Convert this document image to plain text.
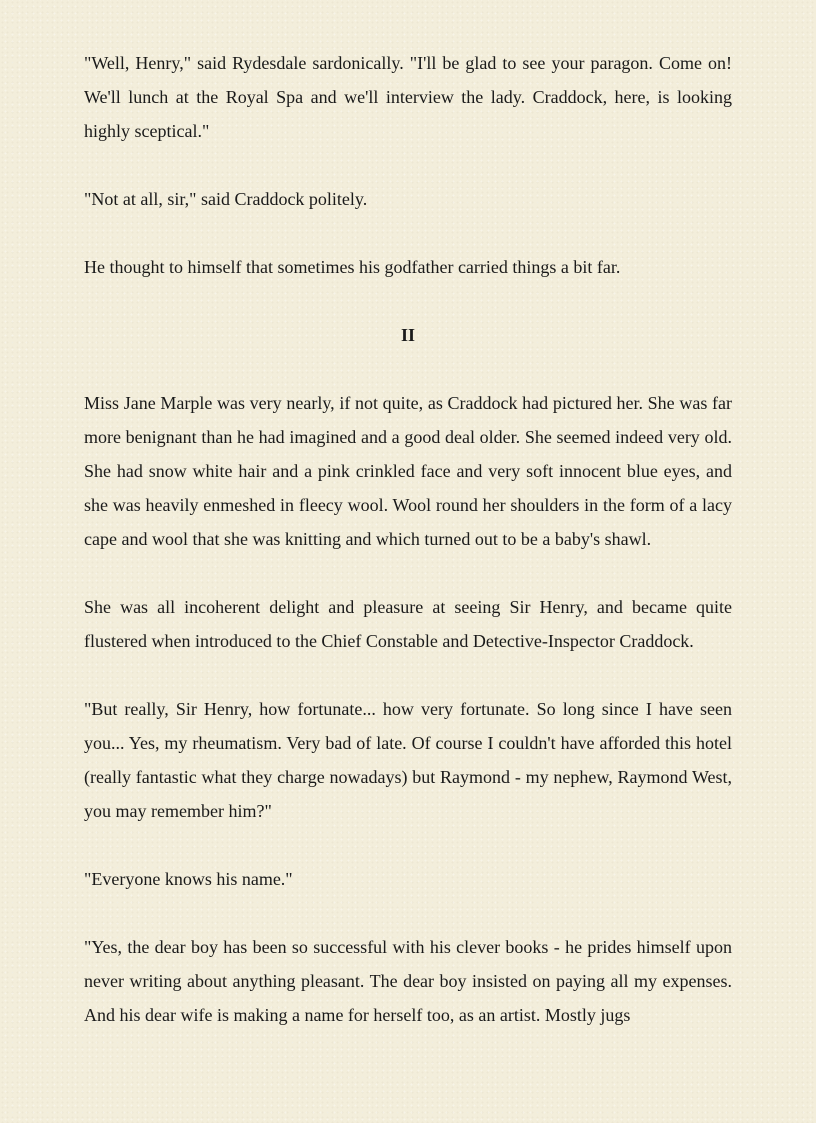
"Well, Henry," said Rydesdale sardonically. "I'll be glad to see your paragon. Come on! We'll lunch at the Royal Spa and we'll interview the lady. Craddock, here, is looking highly sceptical."

"Not at all, sir," said Craddock politely.

He thought to himself that sometimes his godfather carried things a bit far.

II

Miss Jane Marple was very nearly, if not quite, as Craddock had pictured her. She was far more benignant than he had imagined and a good deal older. She seemed indeed very old. She had snow white hair and a pink crinkled face and very soft innocent blue eyes, and she was heavily enmeshed in fleecy wool. Wool round her shoulders in the form of a lacy cape and wool that she was knitting and which turned out to be a baby's shawl.

She was all incoherent delight and pleasure at seeing Sir Henry, and became quite flustered when introduced to the Chief Constable and Detective-Inspector Craddock.

"But really, Sir Henry, how fortunate... how very fortunate. So long since I have seen you... Yes, my rheumatism. Very bad of late. Of course I couldn't have afforded this hotel (really fantastic what they charge nowadays) but Raymond - my nephew, Raymond West, you may remember him?"

"Everyone knows his name."

"Yes, the dear boy has been so successful with his clever books - he prides himself upon never writing about anything pleasant. The dear boy insisted on paying all my expenses. And his dear wife is making a name for herself too, as an artist. Mostly jugs
